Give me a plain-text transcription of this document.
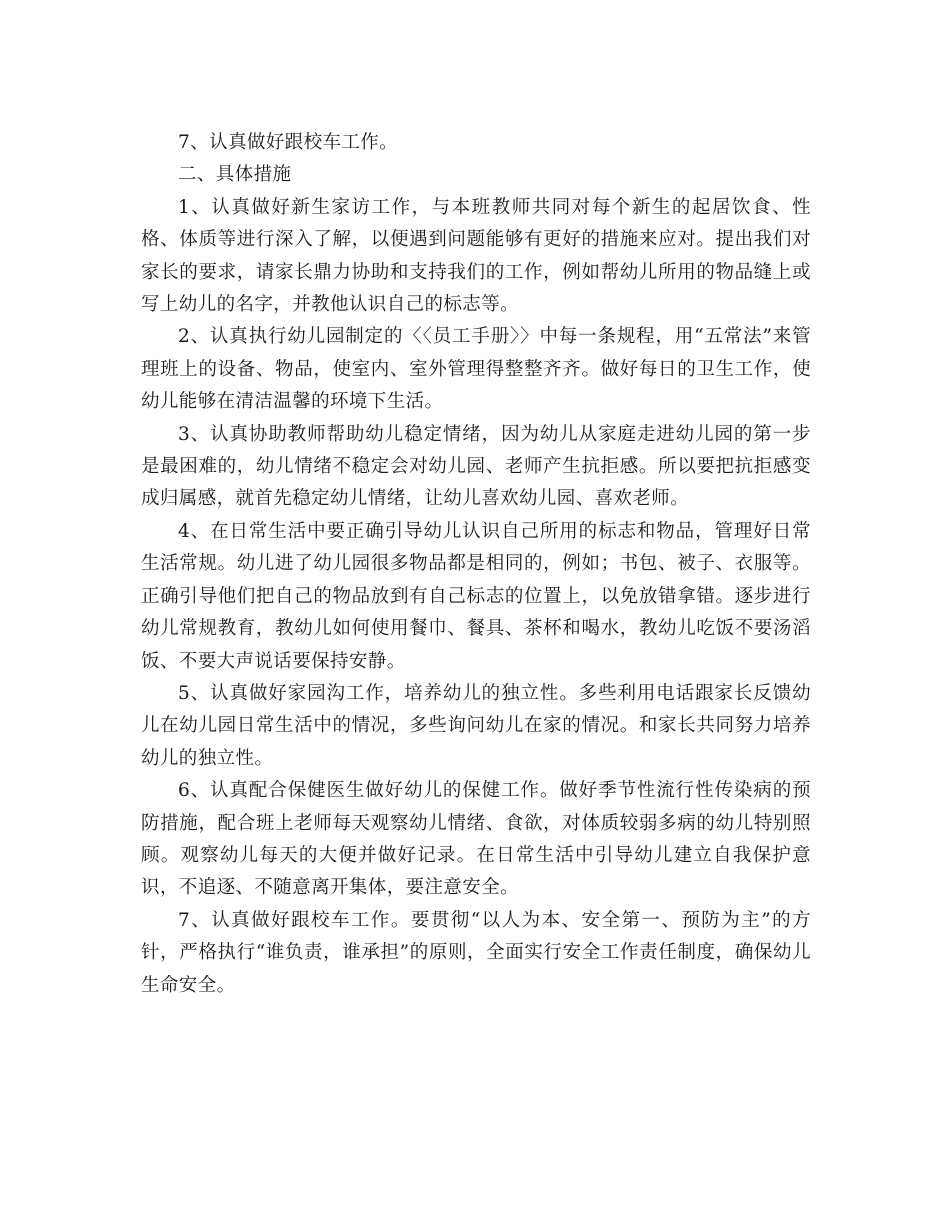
7、认真做好跟校车工作。

二、具体措施

1、认真做好新生家访工作，与本班教师共同对每个新生的起居饮食、性格、体质等进行深入了解，以便遇到问题能够有更好的措施来应对。提出我们对家长的要求，请家长鼎力协助和支持我们的工作，例如帮幼儿所用的物品缝上或写上幼儿的名字，并教他认识自己的标志等。

2、认真执行幼儿园制定的〈〈员工手册〉〉中每一条规程，用“五常法”来管理班上的设备、物品，使室内、室外管理得整整齐齐。做好每日的卫生工作，使幼儿能够在清洁温馨的环境下生活。

3、认真协助教师帮助幼儿稳定情绪，因为幼儿从家庭走进幼儿园的第一步是最困难的，幼儿情绪不稳定会对幼儿园、老师产生抗拒感。所以要把抗拒感变成归属感，就首先稳定幼儿情绪，让幼儿喜欢幼儿园、喜欢老师。

4、在日常生活中要正确引导幼儿认识自己所用的标志和物品，管理好日常生活常规。幼儿进了幼儿园很多物品都是相同的，例如；书包、被子、衣服等。正确引导他们把自己的物品放到有自己标志的位置上，以免放错拿错。逐步进行幼儿常规教育，教幼儿如何使用餐巾、餐具、茶杯和喝水，教幼儿吃饭不要汤滔饭、不要大声说话要保持安静。

5、认真做好家园沟工作，培养幼儿的独立性。多些利用电话跟家长反馈幼儿在幼儿园日常生活中的情况，多些询问幼儿在家的情况。和家长共同努力培养幼儿的独立性。

6、认真配合保健医生做好幼儿的保健工作。做好季节性流行性传染病的预防措施，配合班上老师每天观察幼儿情绪、食欲，对体质较弱多病的幼儿特别照顾。观察幼儿每天的大便并做好记录。在日常生活中引导幼儿建立自我保护意识，不追逐、不随意离开集体，要注意安全。

7、认真做好跟校车工作。要贯彻“以人为本、安全第一、预防为主”的方针，严格执行“谁负责，谁承担”的原则，全面实行安全工作责任制度，确保幼儿生命安全。
